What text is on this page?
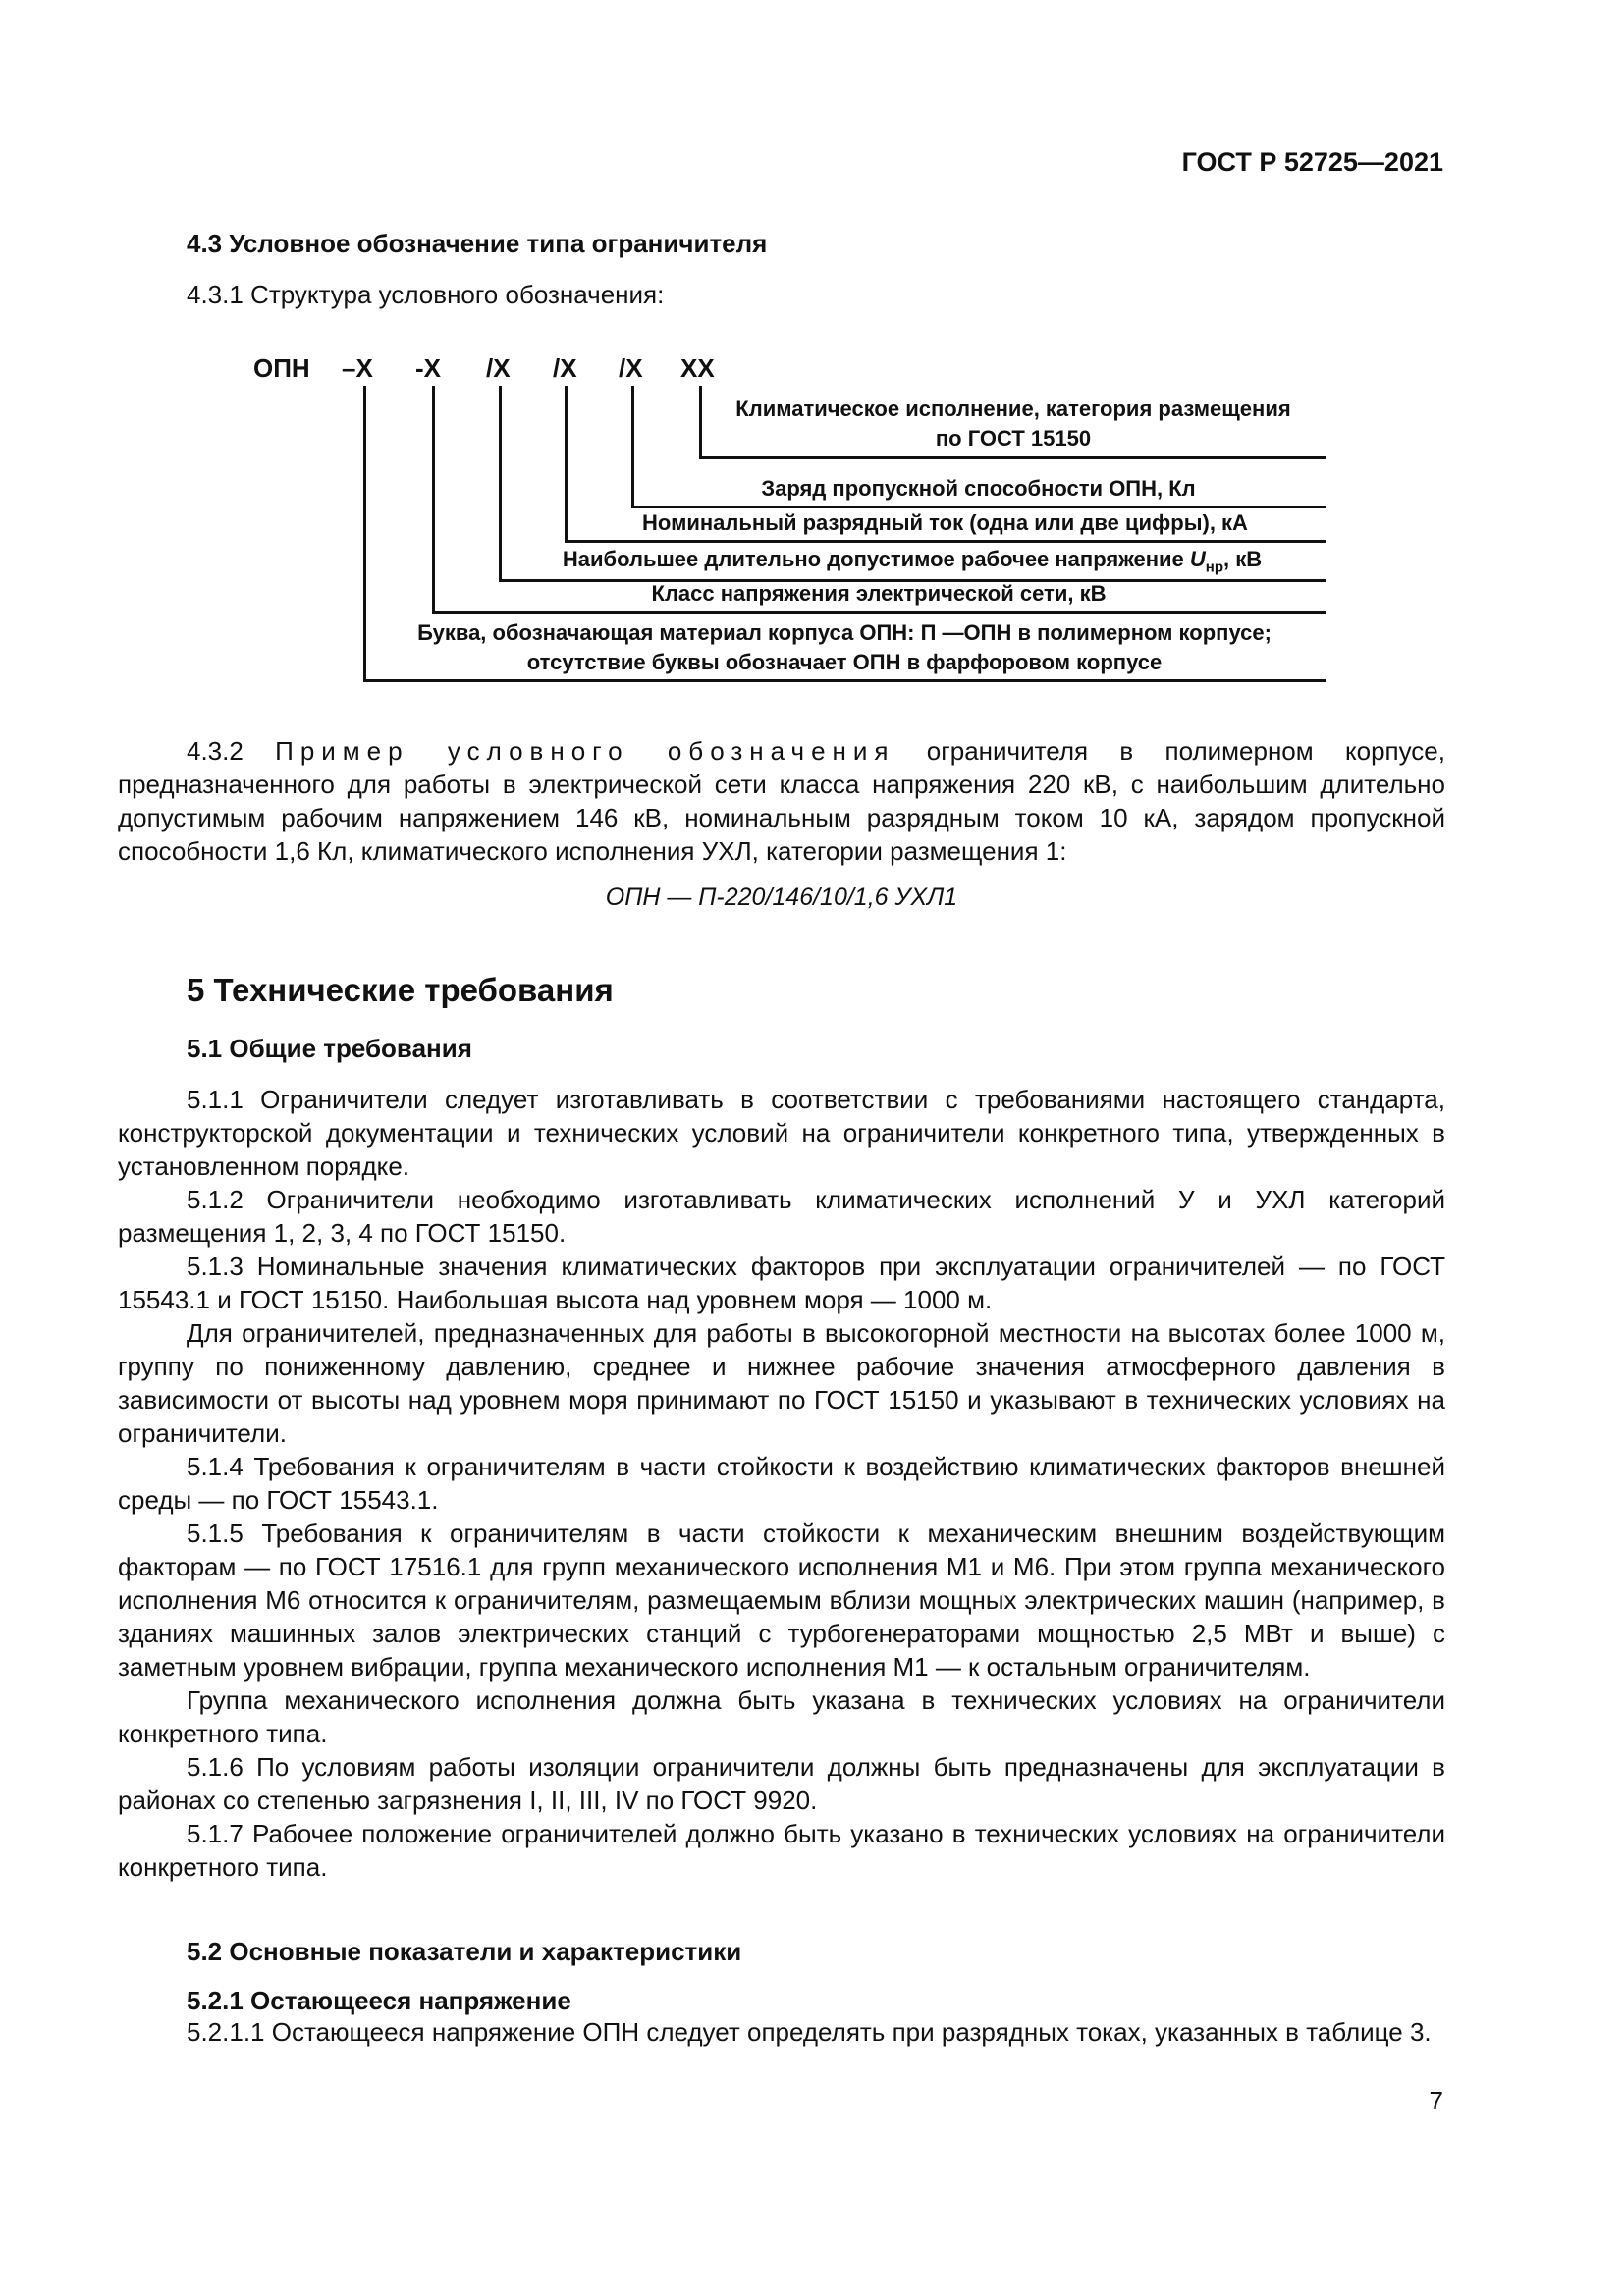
ГОСТ Р 52725—2021
4.3 Условное обозначение типа ограничителя
4.3.1 Структура условного обозначения:
ОПН –Х -Х /Х /Х /Х ХХ
Климатическое исполнение, категория размещения
по ГОСТ 15150
Заряд пропускной способности ОПН, Кл
Номинальный разрядный ток (одна или две цифры), кА
Наибольшее длительно допустимое рабочее напряжение $U_{нр}$, кВ
Класс напряжения электрической сети, кВ
Буква, обозначающая материал корпуса ОПН: П —ОПН в полимерном корпусе;
отсутствие буквы обозначает ОПН в фарфоровом корпусе

4.3.2 Пример условного обозначения ограничителя в полимерном корпусе, предназначенного для работы в электрической сети класса напряжения 220 кВ, с наибольшим длительно допустимым рабочим напряжением 146 кВ, номинальным разрядным током 10 кА, зарядом пропускной способности 1,6 Кл, климатического исполнения УХЛ, категории размещения 1:

ОПН — П-220/146/10/1,6 УХЛ1
5 Технические требования
5.1 Общие требования

5.1.1 Ограничители следует изготавливать в соответствии с требованиями настоящего стандарта, конструкторской документации и технических условий на ограничители конкретного типа, утвержденных в установленном порядке.

5.1.2 Ограничители необходимо изготавливать климатических исполнений У и УХЛ категорий размещения 1, 2, 3, 4 по ГОСТ 15150.

5.1.3 Номинальные значения климатических факторов при эксплуатации ограничителей — по ГОСТ 15543.1 и ГОСТ 15150. Наибольшая высота над уровнем моря — 1000 м.

Для ограничителей, предназначенных для работы в высокогорной местности на высотах более 1000 м, группу по пониженному давлению, среднее и нижнее рабочие значения атмосферного давления в зависимости от высоты над уровнем моря принимают по ГОСТ 15150 и указывают в технических условиях на ограничители.

5.1.4 Требования к ограничителям в части стойкости к воздействию климатических факторов внешней среды — по ГОСТ 15543.1.

5.1.5 Требования к ограничителям в части стойкости к механическим внешним воздействующим факторам — по ГОСТ 17516.1 для групп механического исполнения М1 и М6. При этом группа механического исполнения М6 относится к ограничителям, размещаемым вблизи мощных электрических машин (например, в зданиях машинных залов электрических станций с турбогенераторами мощностью 2,5 МВт и выше) с заметным уровнем вибрации, группа механического исполнения М1 — к остальным ограничителям.

Группа механического исполнения должна быть указана в технических условиях на ограничители конкретного типа.

5.1.6 По условиям работы изоляции ограничители должны быть предназначены для эксплуатации в районах со степенью загрязнения I, II, III, IV по ГОСТ 9920.

5.1.7 Рабочее положение ограничителей должно быть указано в технических условиях на ограничители конкретного типа.

5.2 Основные показатели и характеристики
5.2.1 Остающееся напряжение

5.2.1.1 Остающееся напряжение ОПН следует определять при разрядных токах, указанных в таблице 3.

7
